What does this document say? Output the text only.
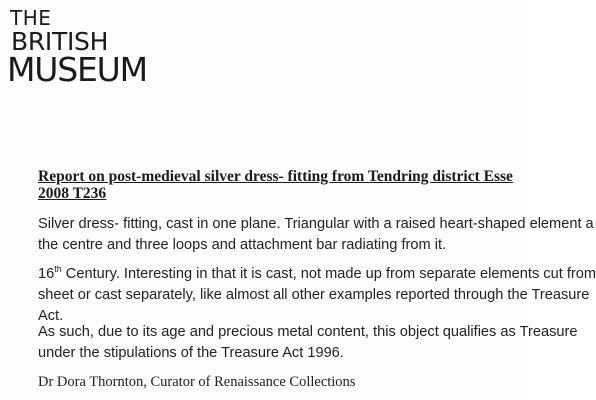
THE
BRITISH
MUSEUM
Report on post-medieval silver dress- fitting from Tendring district Esse
2008 T236
Silver dress- fitting, cast in one plane. Triangular with a raised heart-shaped element a
the centre and three loops and attachment bar radiating from it.
16th Century. Interesting in that it is cast, not made up from separate elements cut from
sheet or cast separately, like almost all other examples reported through the Treasure
Act.
As such, due to its age and precious metal content, this object qualifies as Treasure
under the stipulations of the Treasure Act 1996.
Dr Dora Thornton, Curator of Renaissance Collections
